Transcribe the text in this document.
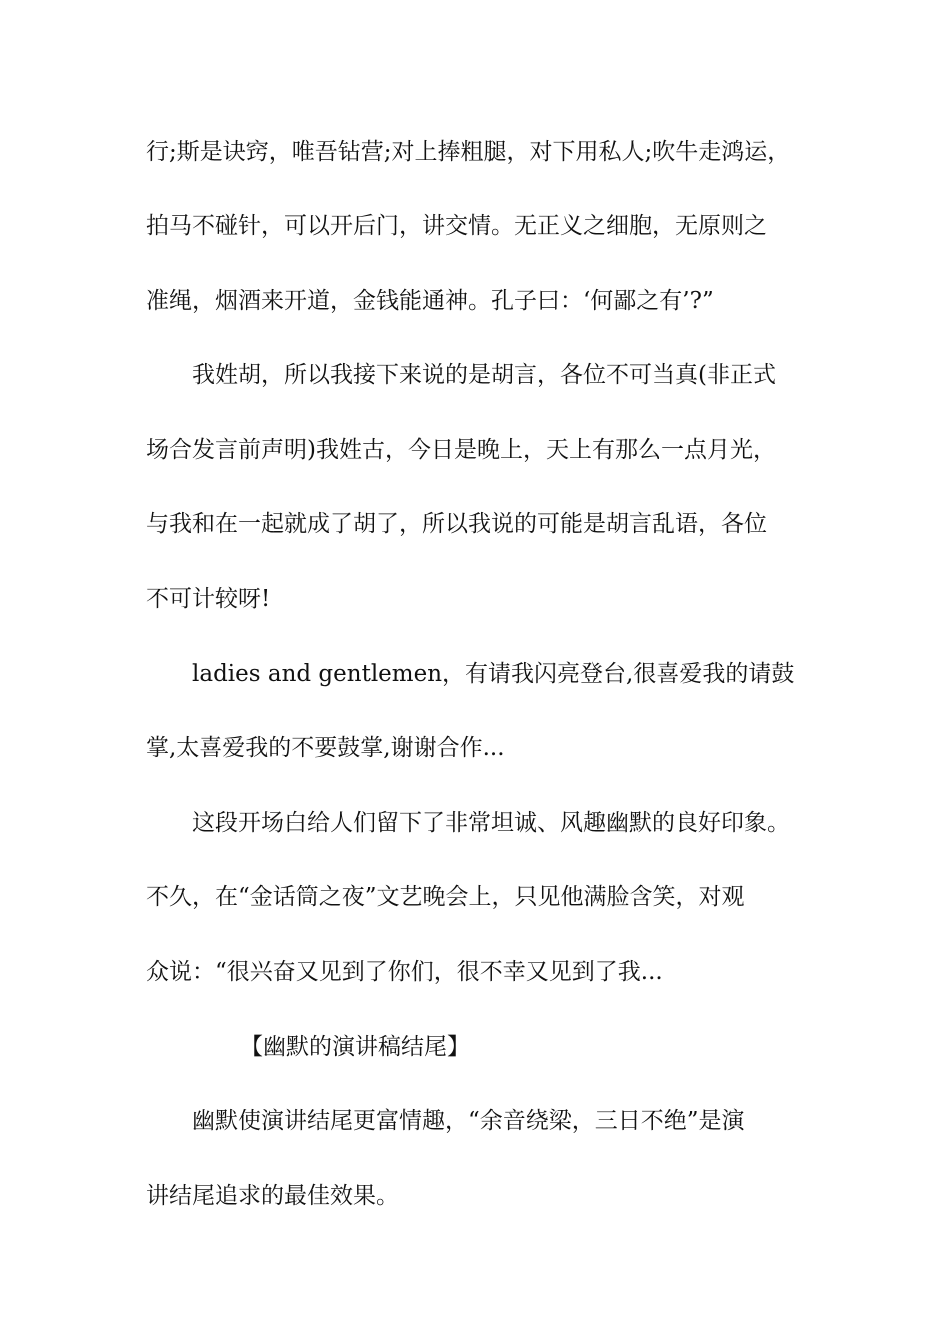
行;斯是诀窍，唯吾钻营;对上捧粗腿，对下用私人;吹牛走鸿运，
拍马不碰针，可以开后门，讲交情。无正义之细胞，无原则之
准绳，烟酒来开道，金钱能通神。孔子曰：‘何鄙之有’?”
我姓胡，所以我接下来说的是胡言，各位不可当真(非正式
场合发言前声明)我姓古，今日是晚上，天上有那么一点月光，
与我和在一起就成了胡了，所以我说的可能是胡言乱语，各位
不可计较呀!
ladies and gentlemen，有请我闪亮登台,很喜爱我的请鼓
掌,太喜爱我的不要鼓掌,谢谢合作...
这段开场白给人们留下了非常坦诚、风趣幽默的良好印象。
不久，在“金话筒之夜”文艺晚会上，只见他满脸含笑，对观
众说：“很兴奋又见到了你们，很不幸又见到了我...
【幽默的演讲稿结尾】
幽默使演讲结尾更富情趣，“余音绕梁，三日不绝”是演
讲结尾追求的最佳效果。
